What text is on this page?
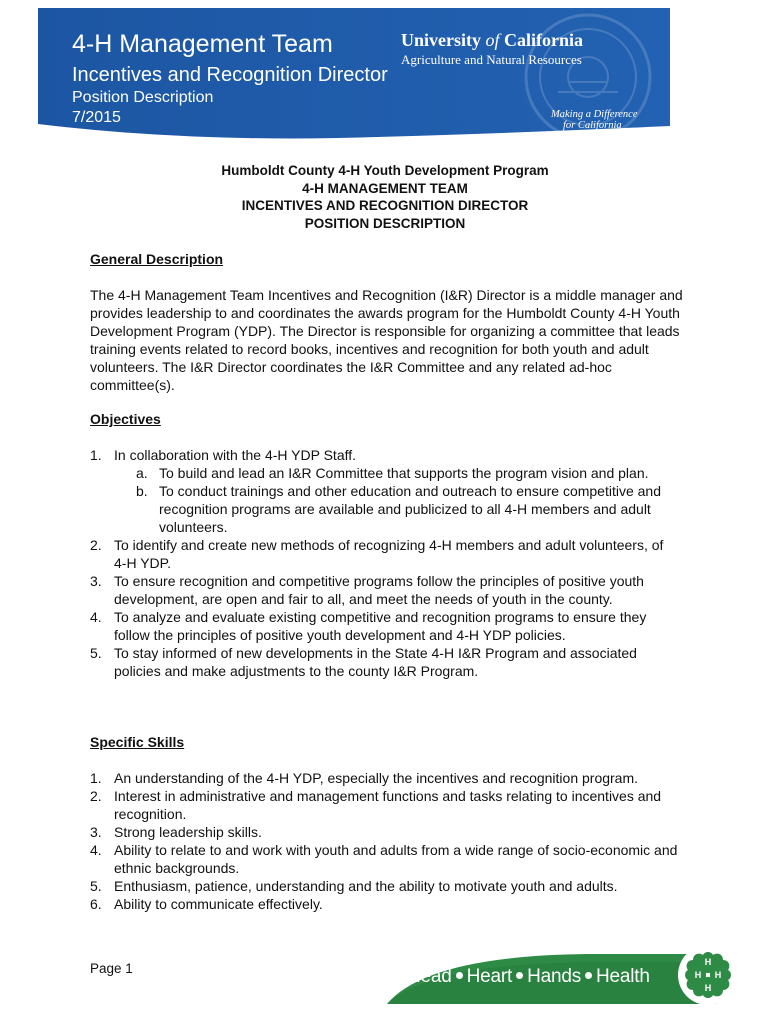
4-H Management Team
Incentives and Recognition Director
Position Description
7/2015
University of California
Agriculture and Natural Resources
Making a Difference
for California
Humboldt County 4-H Youth Development Program
4-H MANAGEMENT TEAM
INCENTIVES AND RECOGNITION DIRECTOR
POSITION DESCRIPTION
General Description

The 4-H Management Team Incentives and Recognition (I&R) Director is a middle manager and provides leadership to and coordinates the awards program for the Humboldt County 4-H Youth Development Program (YDP). The Director is responsible for organizing a committee that leads training events related to record books, incentives and recognition for both youth and adult volunteers. The I&R Director coordinates the I&R Committee and any related ad-hoc committee(s).

Objectives
1. In collaboration with the 4-H YDP Staff.
a. To build and lead an I&R Committee that supports the program vision and plan.
b. To conduct trainings and other education and outreach to ensure competitive and recognition programs are available and publicized to all 4-H members and adult volunteers.
2. To identify and create new methods of recognizing 4-H members and adult volunteers, of 4-H YDP.
3. To ensure recognition and competitive programs follow the principles of positive youth development, are open and fair to all, and meet the needs of youth in the county.
4. To analyze and evaluate existing competitive and recognition programs to ensure they follow the principles of positive youth development and 4-H YDP policies.
5. To stay informed of new developments in the State 4-H I&R Program and associated policies and make adjustments to the county I&R Program.
Specific Skills
1. An understanding of the 4-H YDP, especially the incentives and recognition program.
2. Interest in administrative and management functions and tasks relating to incentives and recognition.
3. Strong leadership skills.
4. Ability to relate to and work with youth and adults from a wide range of socio-economic and ethnic backgrounds.
5. Enthusiasm, patience, understanding and the ability to motivate youth and adults.
6. Ability to communicate effectively.
Page 1	Head Heart Hands Health
H
H
H
H
